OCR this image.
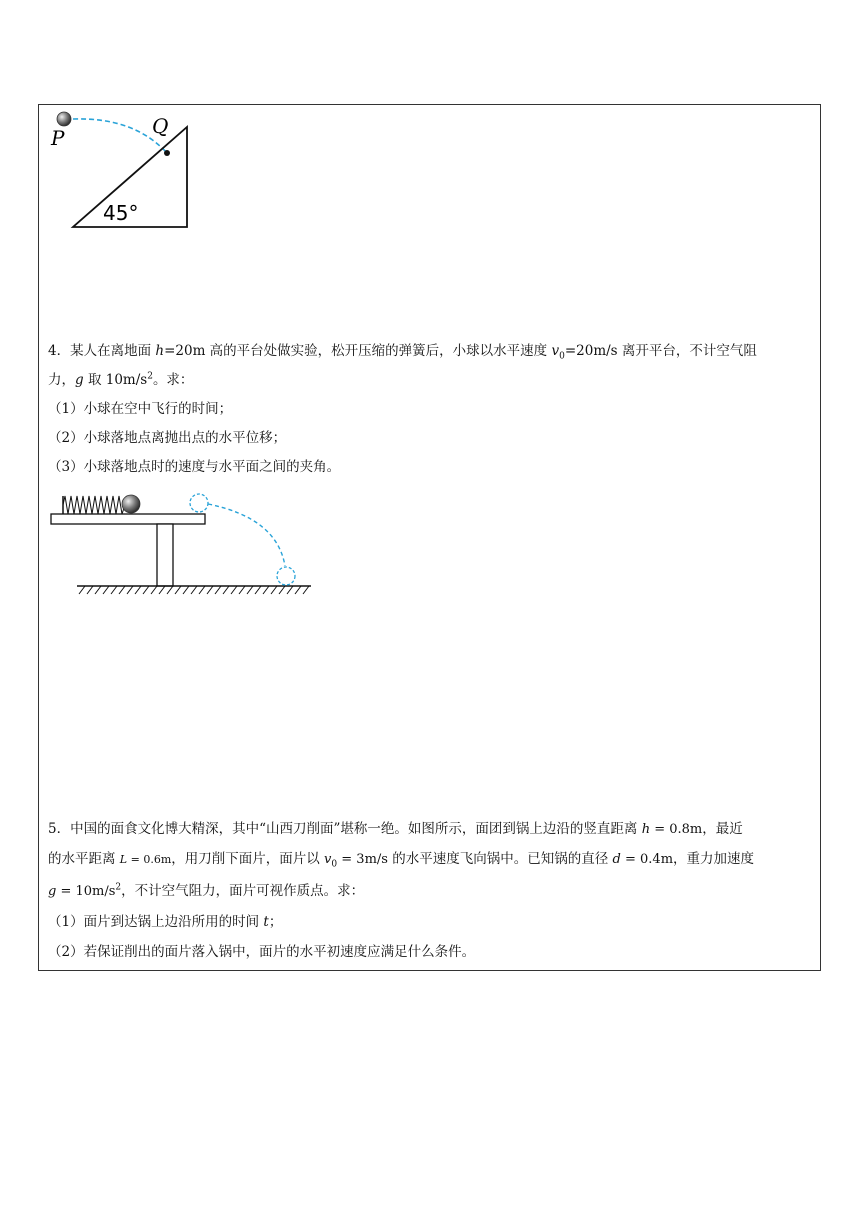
P	Q
45°
4．某人在离地面 h=20m 高的平台处做实验，松开压缩的弹簧后，小球以水平速度 $v_0=20m/s$ 离开平台，不计空气阻
力，g 取 $10m/s^2$。求：
（1）小球在空中飞行的时间；
（2）小球落地点离抛出点的水平位移；
（3）小球落地点时的速度与水平面之间的夹角。
5．中国的面食文化博大精深，其中“山西刀削面”堪称一绝。如图所示，面团到锅上边沿的竖直距离 h = 0.8m，最近
的水平距离 L = 0.6m，用刀削下面片，面片以 $v_0 = 3m/s$ 的水平速度飞向锅中。已知锅的直径 d = 0.4m，重力加速度
$g = 10m/s^2$，不计空气阻力，面片可视作质点。求：
（1）面片到达锅上边沿所用的时间 t；
（2）若保证削出的面片落入锅中，面片的水平初速度应满足什么条件。
